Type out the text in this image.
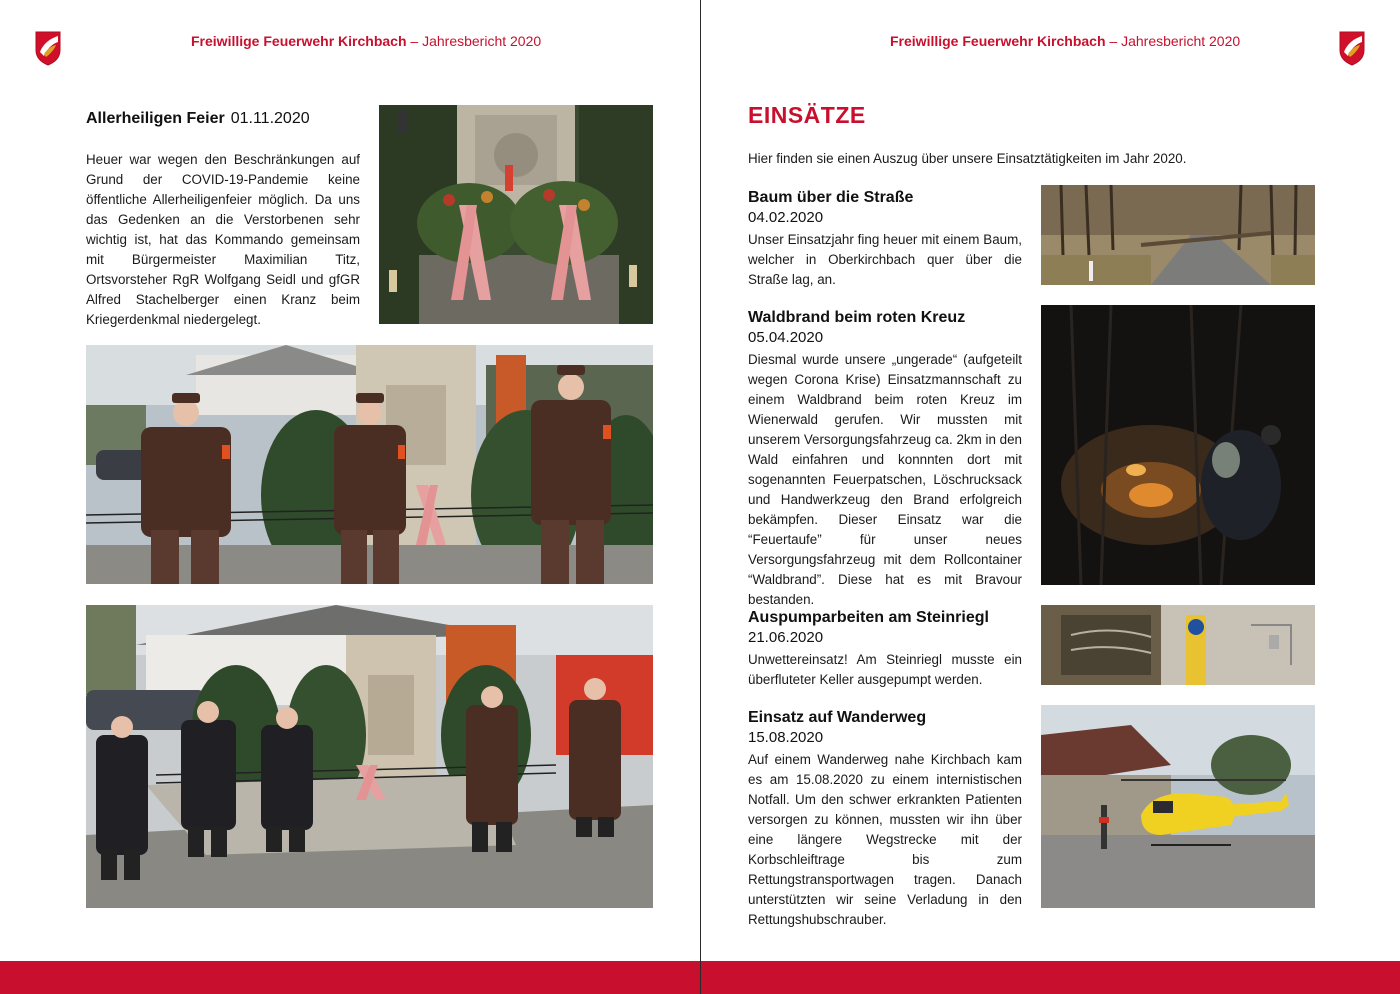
Freiwillige Feuerwehr Kirchbach – Jahresbericht 2020
Allerheiligen Feier 01.11.2020
Heuer war wegen den Beschränkungen auf Grund der COVID-19-Pandemie keine öffentliche Allerheiligenfeier möglich. Da uns das Gedenken an die Verstorbenen sehr wichtig ist, hat das Kommando gemeinsam mit Bürgermeister Maximilian Titz, Ortsvorsteher RgR Wolfgang Seidl und gfGR Alfred Stachelberger einen Kranz beim Kriegerdenkmal niedergelegt.
Freiwillige Feuerwehr Kirchbach – Jahresbericht 2020
EINSÄTZE
Hier finden sie einen Auszug über unsere Einsatztätigkeiten im Jahr 2020.
Baum über die Straße
04.02.2020
Unser Einsatzjahr fing heuer mit einem Baum, welcher in Oberkirchbach quer über die Straße lag, an.
Waldbrand beim roten Kreuz
05.04.2020
Diesmal wurde unsere „ungerade“ (aufgeteilt wegen Corona Krise) Einsatzmannschaft zu einem Waldbrand beim roten Kreuz im Wienerwald gerufen. Wir mussten mit unserem Versorgungsfahrzeug ca. 2km in den Wald einfahren und konnnten dort mit sogenannten Feuerpatschen, Löschrucksack und Handwerkzeug den Brand erfolgreich bekämpfen. Dieser Einsatz war die “Feuertaufe” für unser neues Versorgungsfahrzeug mit dem Rollcontainer “Waldbrand”. Diese hat es mit Bravour bestanden.
Auspumparbeiten am Steinriegl
21.06.2020
Unwettereinsatz! Am Steinriegl musste ein überfluteter Keller ausgepumpt werden.
Einsatz auf Wanderweg
15.08.2020
Auf einem Wanderweg nahe Kirchbach kam es am 15.08.2020 zu einem internistischen Notfall. Um den schwer erkrankten Patienten versorgen zu können, mussten wir ihn über eine längere Wegstrecke mit der Korbschleiftrage bis zum Rettungstransportwagen tragen. Danach unterstützten wir seine Verladung in den Rettungshubschrauber.
